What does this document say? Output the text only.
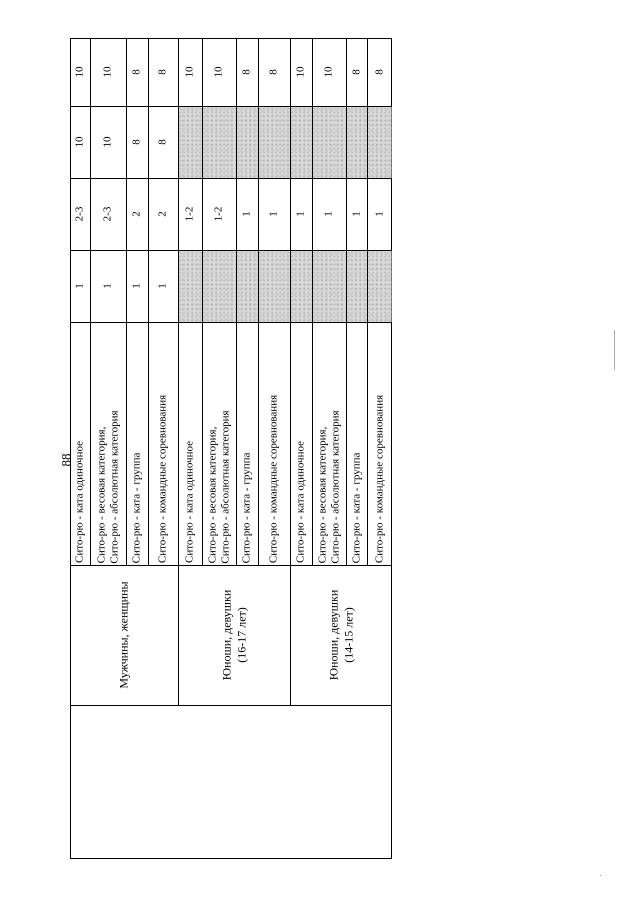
88 Сито-рю - ката одиночное
1
2-3
10
10
Сито-рю - весовая категория, Сито-рю - абсолютная категория
1
2-3
10
10
Сито-рю - ката - группа
1
2
8
8
Сито-рю - командные соревнования
1
2
8
8
Сито-рю - ката одиночное
1-2
10
Сито-рю - весовая категория, Сито-рю - абсолютная категория
1-2
10
Сито-рю - ката - группа
1
8
Сито-рю - командные соревнования
1
8
Сито-рю - ката одиночное
1
10
Сито-рю - весовая категория, Сито-рю - абсолютная категория
1
10
Сито-рю - ката - группа
1
8
Сито-рю - командные соревнования
1
8
Мужчины, женщины	Юноши, девушки (16-17 лет)	Юноши, девушки (14-15 лет)
